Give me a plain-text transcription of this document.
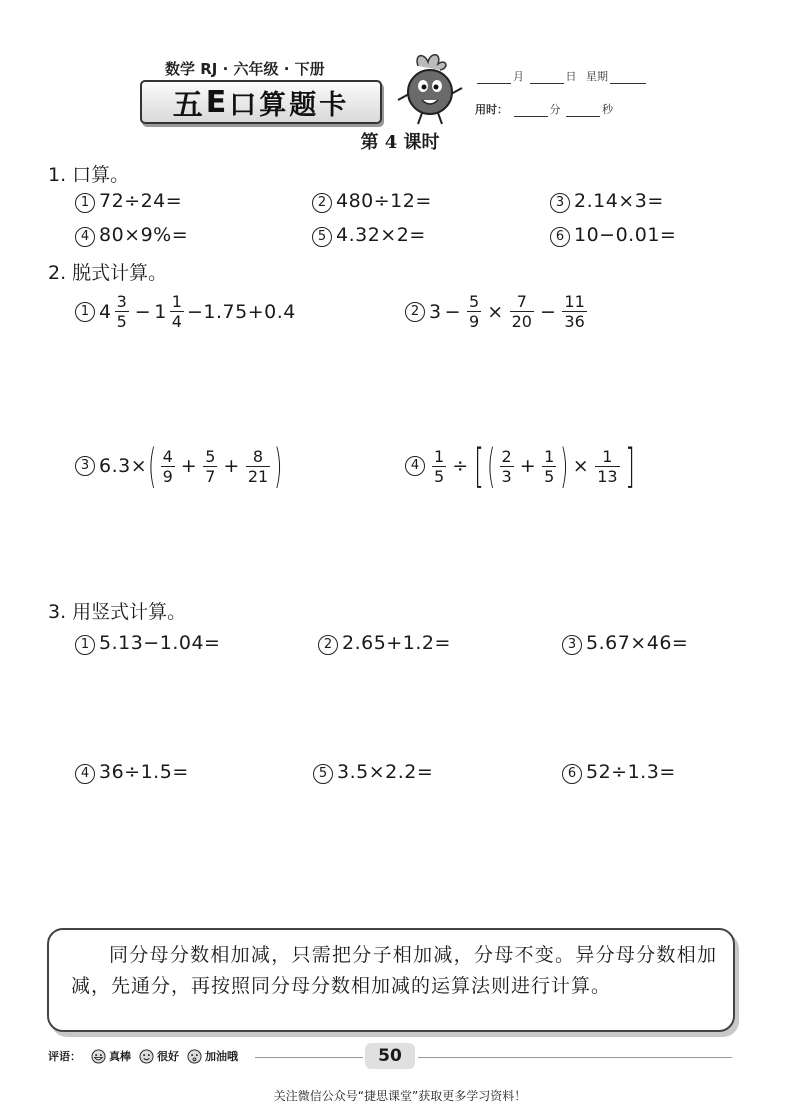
数学 RJ · 六年级 · 下册
五 E 口算题卡
月	日 星期
用时：	分	秒
第 4 课时
1. 口算。
1 72÷24=	2 480÷12=	3 2.14×3=
4 80×9%=	5 4.32×2=	6 10−0.01=
2. 脱式计算。
1 $4 \frac{3}{5} - 1 \frac{1}{4} -1.75+0.4$	2 $3 - \frac{5}{9} \times \frac{7}{20} - \frac{11}{36}$
3 6.3× ( $\frac{4}{9} + \frac{5}{7} + \frac{8}{21}$ )	$4 \frac{1}{5}$ ÷ [ ( $\frac{2}{3} + \frac{1}{5}$ ) × $\frac{1}{13}$ ]
3. 用竖式计算。
1 5.13−1.04=	2 2.65+1.2=	3 5.67×46=
4 36÷1.5=	5 3.5×2.2=	6 52÷1.3=
同分母分数相加减，只需把分子相加减，分母不变。异分母分数相加减，先通分，再按照同分母分数相加减的运算法则进行计算。
评语：	真棒 很好 加油哦	50
关注微信公众号“捷思课堂”获取更多学习资料！
